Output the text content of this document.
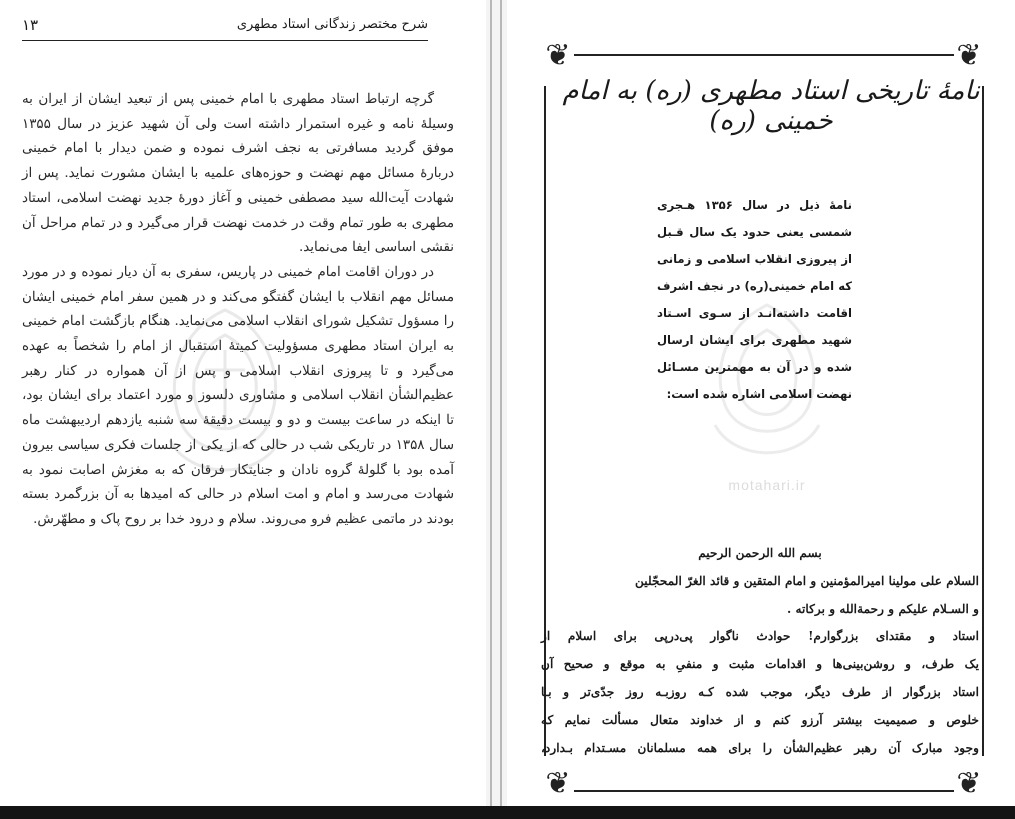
۱۳	شرح مختصر زندگانی استاد مطهری

گرچه ارتباط استاد مطهری با امام خمینی پس از تبعید ایشان از ایران به وسیلهٔ نامه و غیره استمرار داشته است ولی آن شهید عزیز در سال ۱۳۵۵ موفق گردید مسافرتی به نجف اشرف نموده و ضمن دیدار با امام خمینی دربارهٔ مسائل مهم نهضت و حوزه‌های علمیه با ایشان مشورت نماید. پس از شهادت آیت‌الله سید مصطفی خمینی و آغاز دورهٔ جدید نهضت اسلامی، استاد مطهری به طور تمام وقت در خدمت نهضت قرار می‌گیرد و در تمام مراحل آن نقشی اساسی ایفا می‌نماید.

در دوران اقامت امام خمینی در پاریس، سفری به آن دیار نموده و در مورد مسائل مهم انقلاب با ایشان گفتگو می‌کند و در همین سفر امام خمینی ایشان را مسؤول تشکیل شورای انقلاب اسلامی می‌نماید. هنگام بازگشت امام خمینی به ایران استاد مطهری مسؤولیت کمیتهٔ استقبال از امام را شخصاً به عهده می‌گیرد و تا پیروزی انقلاب اسلامی و پس از آن همواره در کنار رهبر عظیم‌الشأن انقلاب اسلامی و مشاوری دلسوز و مورد اعتماد برای ایشان بود، تا اینکه در ساعت بیست و دو و بیست دقیقهٔ سه شنبه یازدهم اردیبهشت ماه سال ۱۳۵۸ در تاریکی شب در حالی که از یکی از جلسات فکری سیاسی بیرون آمده بود با گلولهٔ گروه نادان و جنایتکار فرقان که به مغزش اصابت نمود به شهادت می‌رسد و امام و امت اسلام در حالی که امیدها به آن بزرگمرد بسته بودند در ماتمی عظیم فرو می‌روند. سلام و درود خدا بر روح پاک و مطهّرش.

❦	❦
❦	❦
نامهٔ تاریخی استاد مطهری (ره) به امام خمینی (ره)
نامهٔ ذیل در سال ۱۳۵۶ هـجری شمسی یعنی حدود یک سال قـبل از پیروزی انقلاب اسلامی و زمانی که امام خمینی(ره) در نجف اشرف اقامت داشته‌انـد از سـوی اسـتاد شهید مطهری برای ایشان ارسال شده و در آن به مهمترین مسـائل نهضت اسلامی اشاره شده است:
motahari.ir
بسم الله الرحمن الرحیم
السلام علی مولینا امیرالمؤمنین و امام المتقین و قائد الغرّ المحجّلین
و السـلام علیکم و رحمة‌الله و برکاته .
استاد و مقتدای بزرگوارم! حوادث ناگوار پی‌درپی برای اسلام از
یک طرف، و روشن‌بینی‌ها و اقدامات مثبت و منفیِ به موقع و صحیح آن
استاد بزرگوار از طرف دیگر، موجب شده کـه روزبـه روز جدّی‌تر و بـا
خلوص و صمیمیت بیشتر آرزو کنم و از خداوند متعال مسألت نمایم که
وجود مبارک آن رهبر عظیم‌الشأن را برای همه مسلمانان مسـتدام بـدارد،
